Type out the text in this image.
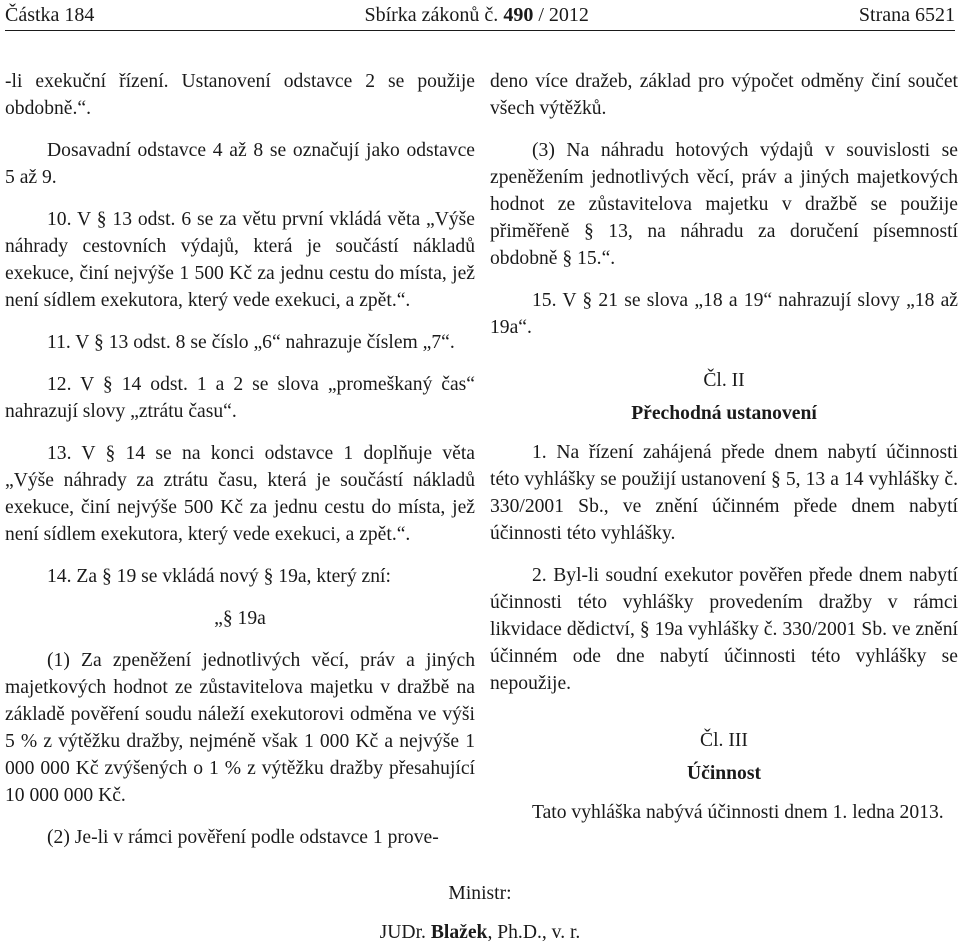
Částka 184	Sbírka zákonů č. 490 / 2012	Strana 6521

-li exekuční řízení. Ustanovení odstavce 2 se použije obdobně.“.

Dosavadní odstavce 4 až 8 se označují jako odstavce 5 až 9.

10. V § 13 odst. 6 se za větu první vkládá věta „Výše náhrady cestovních výdajů, která je součástí nákladů exekuce, činí nejvýše 1 500 Kč za jednu cestu do místa, jež není sídlem exekutora, který vede exekuci, a zpět.“.

11. V § 13 odst. 8 se číslo „6“ nahrazuje číslem „7“.

12. V § 14 odst. 1 a 2 se slova „promeškaný čas“ nahrazují slovy „ztrátu času“.

13. V § 14 se na konci odstavce 1 doplňuje věta „Výše náhrady za ztrátu času, která je součástí nákladů exekuce, činí nejvýše 500 Kč za jednu cestu do místa, jež není sídlem exekutora, který vede exekuci, a zpět.“.

14. Za § 19 se vkládá nový § 19a, který zní:

„§ 19a

(1) Za zpeněžení jednotlivých věcí, práv a jiných majetkových hodnot ze zůstavitelova majetku v dražbě na základě pověření soudu náleží exekutorovi odměna ve výši 5 % z výtěžku dražby, nejméně však 1 000 Kč a nejvýše 1 000 000 Kč zvýšených o 1 % z výtěžku dražby přesahující 10 000 000 Kč.

(2) Je-li v rámci pověření podle odstavce 1 prove-

deno více dražeb, základ pro výpočet odměny činí součet všech výtěžků.

(3) Na náhradu hotových výdajů v souvislosti se zpeněžením jednotlivých věcí, práv a jiných majetkových hodnot ze zůstavitelova majetku v dražbě se použije přiměřeně § 13, na náhradu za doručení písemností obdobně § 15.“.

15. V § 21 se slova „18 a 19“ nahrazují slovy „18 až 19a“.

Čl. II

Přechodná ustanovení

1. Na řízení zahájená přede dnem nabytí účinnosti této vyhlášky se použijí ustanovení § 5, 13 a 14 vyhlášky č. 330/2001 Sb., ve znění účinném přede dnem nabytí účinnosti této vyhlášky.

2. Byl-li soudní exekutor pověřen přede dnem nabytí účinnosti této vyhlášky provedením dražby v rámci likvidace dědictví, § 19a vyhlášky č. 330/2001 Sb. ve znění účinném ode dne nabytí účinnosti této vyhlášky se nepoužije.

Čl. III

Účinnost

Tato vyhláška nabývá účinnosti dnem 1. ledna 2013.

Ministr:
JUDr. Blažek, Ph.D., v. r.
